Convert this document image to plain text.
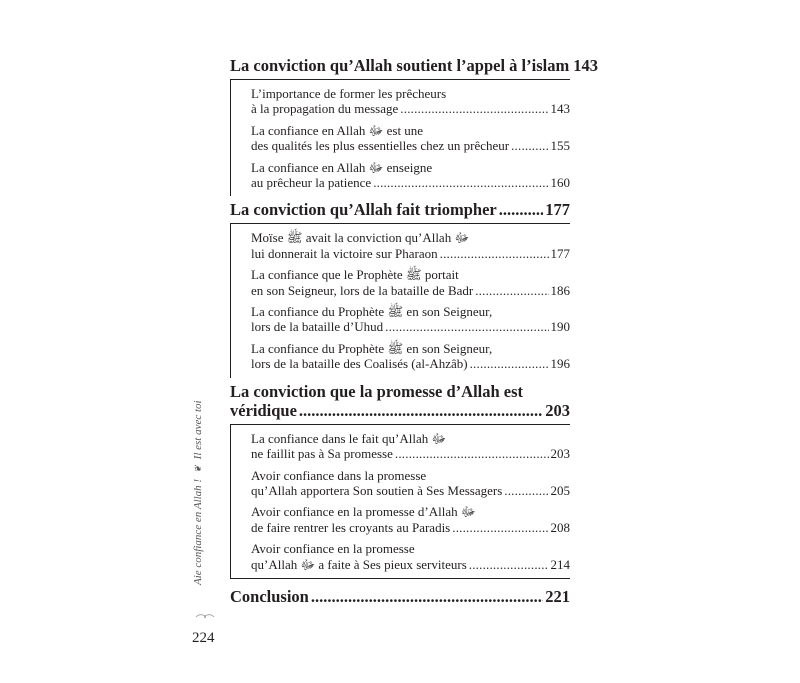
La conviction qu’Allah soutient l’appel à l’islam 143
L’importance de former les prêcheurs
à la propagation du message .....	143
La confiance en Allah ﷻ est une
des qualités les plus essentielles chez un prêcheur .....	155
La confiance en Allah ﷻ enseigne
au prêcheur la patience .....	160
La conviction qu’Allah fait triompher .....	177
Moïse ﷺ avait la conviction qu’Allah ﷻ
lui donnerait la victoire sur Pharaon .....	177
La confiance que le Prophète ﷺ portait
en son Seigneur, lors de la bataille de Badr .....	186
La confiance du Prophète ﷺ en son Seigneur,
lors de la bataille d’Uhud .....	190
La confiance du Prophète ﷺ en son Seigneur,
lors de la bataille des Coalisés (al-Ahzâb) .....	196
La conviction que la promesse d’Allah est
véridique .....	203
La confiance dans le fait qu’Allah ﷻ
ne faillit pas à Sa promesse .....	203
Avoir confiance dans la promesse
qu’Allah apportera Son soutien à Ses Messagers .....	205
Avoir confiance en la promesse d’Allah ﷻ
de faire rentrer les croyants au Paradis .....	208
Avoir confiance en la promesse
qu’Allah ﷻ a faite à Ses pieux serviteurs .....	214
Conclusion .....	221
Aie confiance en Allah !❦Il est avec toi
224
